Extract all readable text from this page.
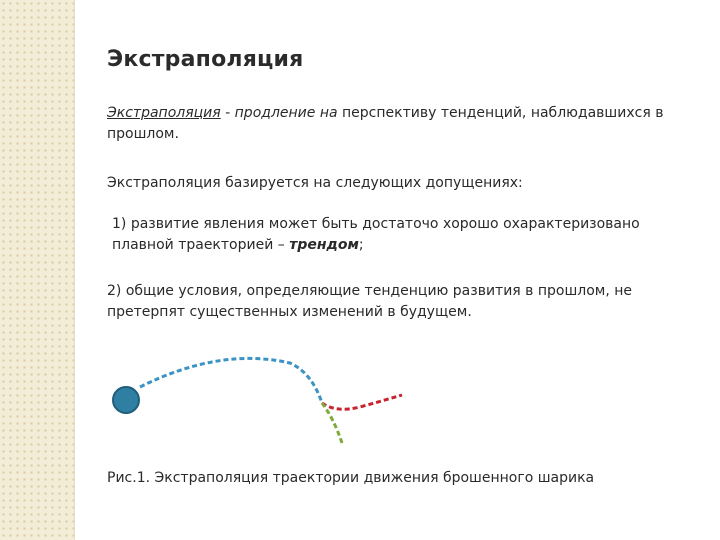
Экстраполяция
Экстраполяция - продление на перспективу тенденций, наблюдавшихся в прошлом.
Экстраполяция базируется на следующих допущениях:
1) развитие явления может быть достаточо хорошо охарактеризовано плавной траекторией – трендом;
2) общие условия, определяющие тенденцию развития в прошлом, не претерпят существенных изменений в будущем.
Рис.1. Экстраполяция траектории движения брошенного шарика
